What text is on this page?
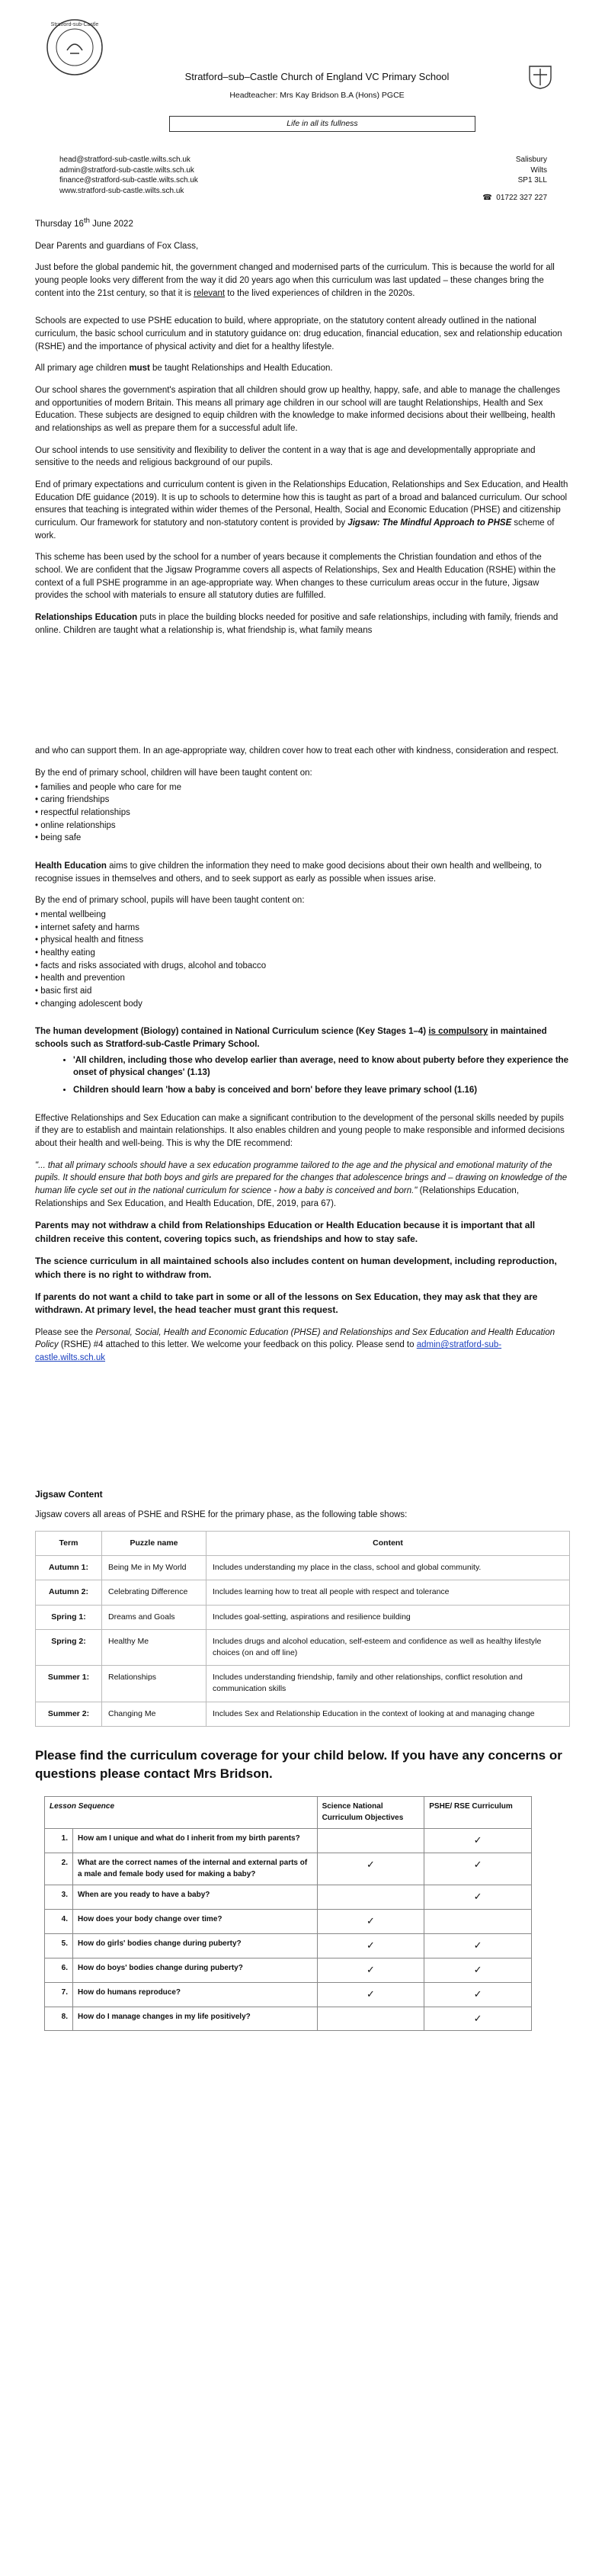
Stratford-sub-Castle
Stratford–sub–Castle Church of England VC Primary School
Headteacher: Mrs Kay Bridson B.A (Hons) PGCE
Life in all its fullness
head@stratford-sub-castle.wilts.sch.uk
admin@stratford-sub-castle.wilts.sch.uk
finance@stratford-sub-castle.wilts.sch.uk
www.stratford-sub-castle.wilts.sch.uk
Salisbury
Wilts
SP1 3LL
☎ 01722 327 227

Thursday 16th June 2022

Dear Parents and guardians of Fox Class,

Just before the global pandemic hit, the government changed and modernised parts of the curriculum. This is because the world for all young people looks very different from the way it did 20 years ago when this curriculum was last updated – these changes bring the content into the 21st century, so that it is relevant to the lived experiences of children in the 2020s.

Schools are expected to use PSHE education to build, where appropriate, on the statutory content already outlined in the national curriculum, the basic school curriculum and in statutory guidance on: drug education, financial education, sex and relationship education (RSHE) and the importance of physical activity and diet for a healthy lifestyle.

All primary age children must be taught Relationships and Health Education.

Our school shares the government's aspiration that all children should grow up healthy, happy, safe, and able to manage the challenges and opportunities of modern Britain. This means all primary age children in our school will are taught Relationships, Health and Sex Education. These subjects are designed to equip children with the knowledge to make informed decisions about their wellbeing, health and relationships as well as prepare them for a successful adult life.

Our school intends to use sensitivity and flexibility to deliver the content in a way that is age and developmentally appropriate and sensitive to the needs and religious background of our pupils.

End of primary expectations and curriculum content is given in the Relationships Education, Relationships and Sex Education, and Health Education DfE guidance (2019). It is up to schools to determine how this is taught as part of a broad and balanced curriculum. Our school ensures that teaching is integrated within wider themes of the Personal, Health, Social and Economic Education (PHSE) and citizenship curriculum. Our framework for statutory and non-statutory content is provided by Jigsaw: The Mindful Approach to PHSE scheme of work.

This scheme has been used by the school for a number of years because it complements the Christian foundation and ethos of the school. We are confident that the Jigsaw Programme covers all aspects of Relationships, Sex and Health Education (RSHE) within the context of a full PSHE programme in an age-appropriate way. When changes to these curriculum areas occur in the future, Jigsaw provides the school with materials to ensure all statutory duties are fulfilled.

Relationships Education puts in place the building blocks needed for positive and safe relationships, including with family, friends and online. Children are taught what a relationship is, what friendship is, what family means

and who can support them. In an age-appropriate way, children cover how to treat each other with kindness, consideration and respect.

By the end of primary school, children will have been taught content on:

• families and people who care for me
• caring friendships
• respectful relationships
• online relationships
• being safe

Health Education aims to give children the information they need to make good decisions about their own health and wellbeing, to recognise issues in themselves and others, and to seek support as early as possible when issues arise.

By the end of primary school, pupils will have been taught content on:

• mental wellbeing
• internet safety and harms
• physical health and fitness
• healthy eating
• facts and risks associated with drugs, alcohol and tobacco
• health and prevention
• basic first aid
• changing adolescent body

The human development (Biology) contained in National Curriculum science (Key Stages 1–4) is compulsory in maintained schools such as Stratford-sub-Castle Primary School.

• 'All children, including those who develop earlier than average, need to know about puberty before they experience the onset of physical changes' (1.13)
• Children should learn 'how a baby is conceived and born' before they leave primary school (1.16)

Effective Relationships and Sex Education can make a significant contribution to the development of the personal skills needed by pupils if they are to establish and maintain relationships. It also enables children and young people to make responsible and informed decisions about their health and well-being. This is why the DfE recommend:

"... that all primary schools should have a sex education programme tailored to the age and the physical and emotional maturity of the pupils. It should ensure that both boys and girls are prepared for the changes that adolescence brings and – drawing on knowledge of the human life cycle set out in the national curriculum for science - how a baby is conceived and born." (Relationships Education, Relationships and Sex Education, and Health Education, DfE, 2019, para 67).

Parents may not withdraw a child from Relationships Education or Health Education because it is important that all children receive this content, covering topics such, as friendships and how to stay safe.

The science curriculum in all maintained schools also includes content on human development, including reproduction, which there is no right to withdraw from.

If parents do not want a child to take part in some or all of the lessons on Sex Education, they may ask that they are withdrawn. At primary level, the head teacher must grant this request.

Please see the Personal, Social, Health and Economic Education (PHSE) and Relationships and Sex Education and Health Education Policy (RSHE) #4 attached to this letter. We welcome your feedback on this policy. Please send to admin@stratford-sub-castle.wilts.sch.uk

Jigsaw Content

Jigsaw covers all areas of PSHE and RSHE for the primary phase, as the following table shows:

Term	Puzzle name	Content
Autumn 1:	Being Me in My World	Includes understanding my place in the class, school and global community.
Autumn 2:	Celebrating Difference	Includes learning how to treat all people with respect and tolerance
Spring 1:	Dreams and Goals	Includes goal-setting, aspirations and resilience building
Spring 2:	Healthy Me	Includes drugs and alcohol education, self-esteem and confidence as well as healthy lifestyle choices (on and off line)
Summer 1:	Relationships	Includes understanding friendship, family and other relationships, conflict resolution and communication skills
Summer 2:	Changing Me	Includes Sex and Relationship Education in the context of looking at and managing change

Please find the curriculum coverage for your child below. If you have any concerns or questions please contact Mrs Bridson.

Lesson Sequence		Science National Curriculum Objectives	PSHE/ RSE Curriculum
1.	How am I unique and what do I inherit from my birth parents?		✓
2.	What are the correct names of the internal and external parts of a male and female body used for making a baby?	✓	✓
3.	When are you ready to have a baby?		✓
4.	How does your body change over time?	✓	
5.	How do girls' bodies change during puberty?	✓	✓
6.	How do boys' bodies change during puberty?	✓	✓
7.	How do humans reproduce?	✓	✓
8.	How do I manage changes in my life positively?		✓
